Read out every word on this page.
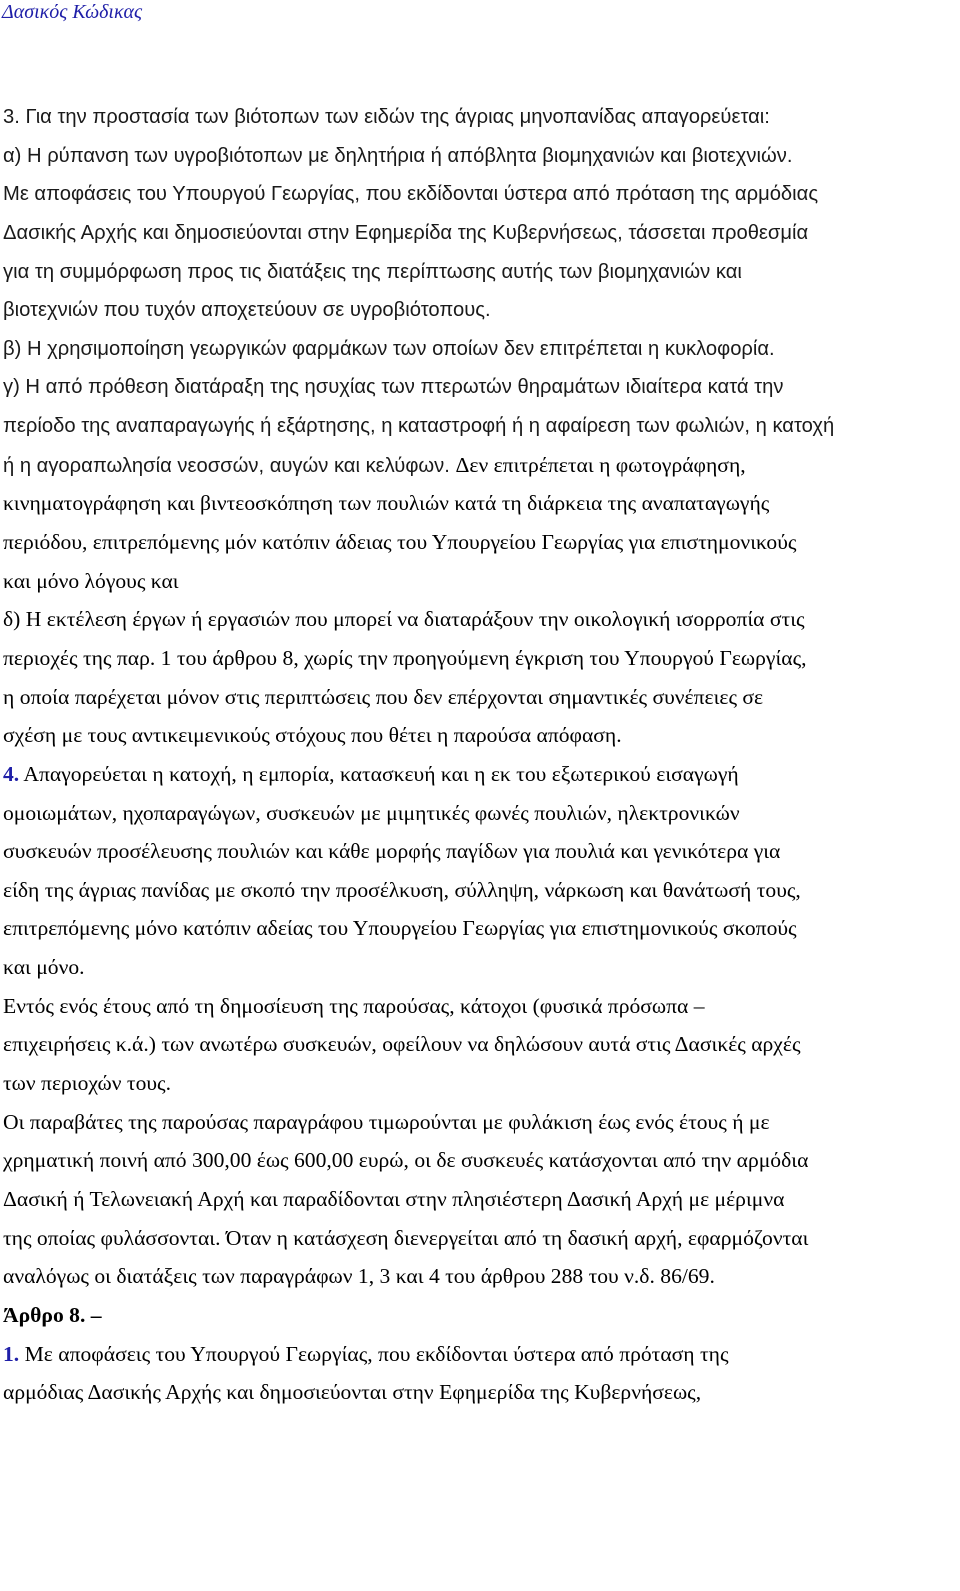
Δασικός Κώδικας
3. Για την προστασία των βιότοπων των ειδών της άγριας μηνοπανίδας απαγορεύεται:
α) Η ρύπανση των υγροβιότοπων με δηλητήρια ή απόβλητα βιομηχανιών και βιοτεχνιών.
Με αποφάσεις του Υπουργού Γεωργίας, που εκδίδονται ύστερα από πρόταση της αρμόδιας
Δασικής Αρχής και δημοσιεύονται στην Εφημερίδα της Κυβερνήσεως, τάσσεται προθεσμία
για τη συμμόρφωση προς τις διατάξεις της περίπτωσης αυτής των βιομηχανιών και
βιοτεχνιών που τυχόν αποχετεύουν σε υγροβιότοπους.
β) Η χρησιμοποίηση γεωργικών φαρμάκων των οποίων δεν επιτρέπεται η κυκλοφορία.
γ) Η από πρόθεση διατάραξη της ησυχίας των πτερωτών θηραμάτων ιδιαίτερα κατά την
περίοδο της αναπαραγωγής ή εξάρτησης, η καταστροφή ή η αφαίρεση των φωλιών, η κατοχή
ή η αγοραπωλησία νεοσσών, αυγών και κελύφων. Δεν επιτρέπεται η φωτογράφηση,
κινηματογράφηση και βιντεοσκόπηση των πουλιών κατά τη διάρκεια της αναπαταγωγής
περιόδου, επιτρεπόμενης μόν κατόπιν άδειας του Υπουργείου Γεωργίας για επιστημονικούς
και μόνο λόγους και
δ) Η εκτέλεση έργων ή εργασιών που μπορεί να διαταράξουν την οικολογική ισορροπία στις
περιοχές της παρ. 1 του άρθρου 8, χωρίς την προηγούμενη έγκριση του Υπουργού Γεωργίας,
η οποία παρέχεται μόνον στις περιπτώσεις που δεν επέρχονται σημαντικές συνέπειες σε
σχέση με τους αντικειμενικούς στόχους που θέτει η παρούσα απόφαση.
4. Απαγορεύεται η κατοχή, η εμπορία, κατασκευή και η εκ του εξωτερικού εισαγωγή
ομοιωμάτων, ηχοπαραγώγων, συσκευών με μιμητικές φωνές πουλιών, ηλεκτρονικών
συσκευών προσέλευσης πουλιών και κάθε μορφής παγίδων για πουλιά και γενικότερα για
είδη της άγριας πανίδας με σκοπό την προσέλκυση, σύλληψη, νάρκωση και θανάτωσή τους,
επιτρεπόμενης μόνο κατόπιν αδείας του Υπουργείου Γεωργίας για επιστημονικούς σκοπούς
και μόνο.
Εντός ενός έτους από τη δημοσίευση της παρούσας, κάτοχοι (φυσικά πρόσωπα –
επιχειρήσεις κ.ά.) των ανωτέρω συσκευών, οφείλουν να δηλώσουν αυτά στις Δασικές αρχές
των περιοχών τους.
Οι παραβάτες της παρούσας παραγράφου τιμωρούνται με φυλάκιση έως ενός έτους ή με
χρηματική ποινή από 300,00 έως 600,00 ευρώ, οι δε συσκευές κατάσχονται από την αρμόδια
Δασική ή Τελωνειακή Αρχή και παραδίδονται στην πλησιέστερη Δασική Αρχή με μέριμνα
της οποίας φυλάσσονται. Όταν η κατάσχεση διενεργείται από τη δασική αρχή, εφαρμόζονται
αναλόγως οι διατάξεις των παραγράφων 1, 3 και 4 του άρθρου 288 του ν.δ. 86/69.
Άρθρο 8. –
1. Με αποφάσεις του Υπουργού Γεωργίας, που εκδίδονται ύστερα από πρόταση της
αρμόδιας Δασικής Αρχής και δημοσιεύονται στην Εφημερίδα της Κυβερνήσεως,
